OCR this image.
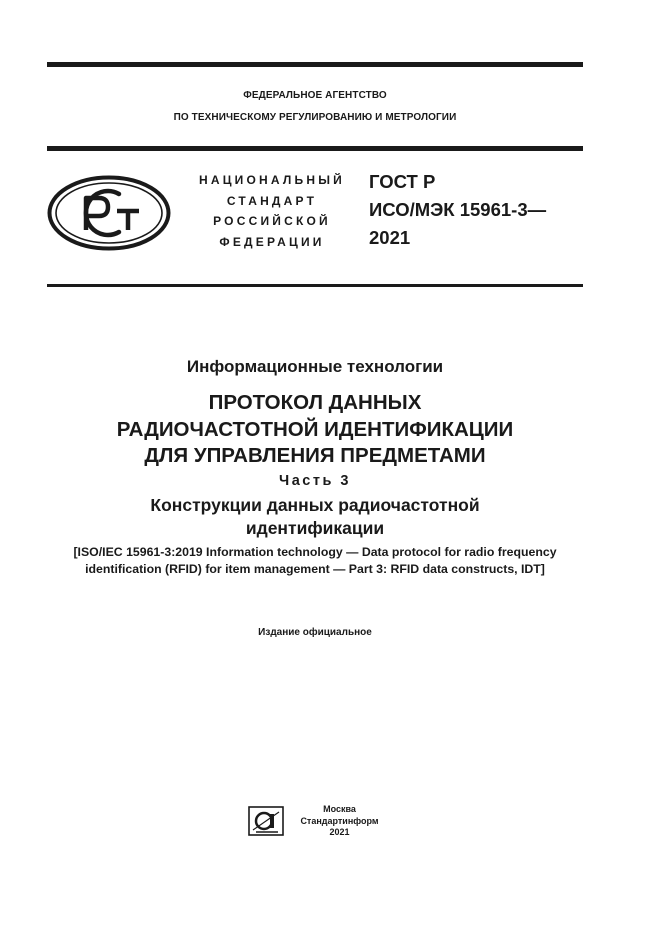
ФЕДЕРАЛЬНОЕ АГЕНТСТВО
ПО ТЕХНИЧЕСКОМУ РЕГУЛИРОВАНИЮ И МЕТРОЛОГИИ
НАЦИОНАЛЬНЫЙ
СТАНДАРТ
РОССИЙСКОЙ
ФЕДЕРАЦИИ
ГОСТ Р
ИСО/МЭК 15961-3—
2021
Информационные технологии
ПРОТОКОЛ ДАННЫХ
РАДИОЧАСТОТНОЙ ИДЕНТИФИКАЦИИ
ДЛЯ УПРАВЛЕНИЯ ПРЕДМЕТАМИ
Часть 3
Конструкции данных радиочастотной
идентификации
[ISO/IEC 15961-3:2019 Information technology — Data protocol for radio frequency
identification (RFID) for item management — Part 3: RFID data constructs, IDT]
Издание официальное
Москва
Стандартинформ
2021
